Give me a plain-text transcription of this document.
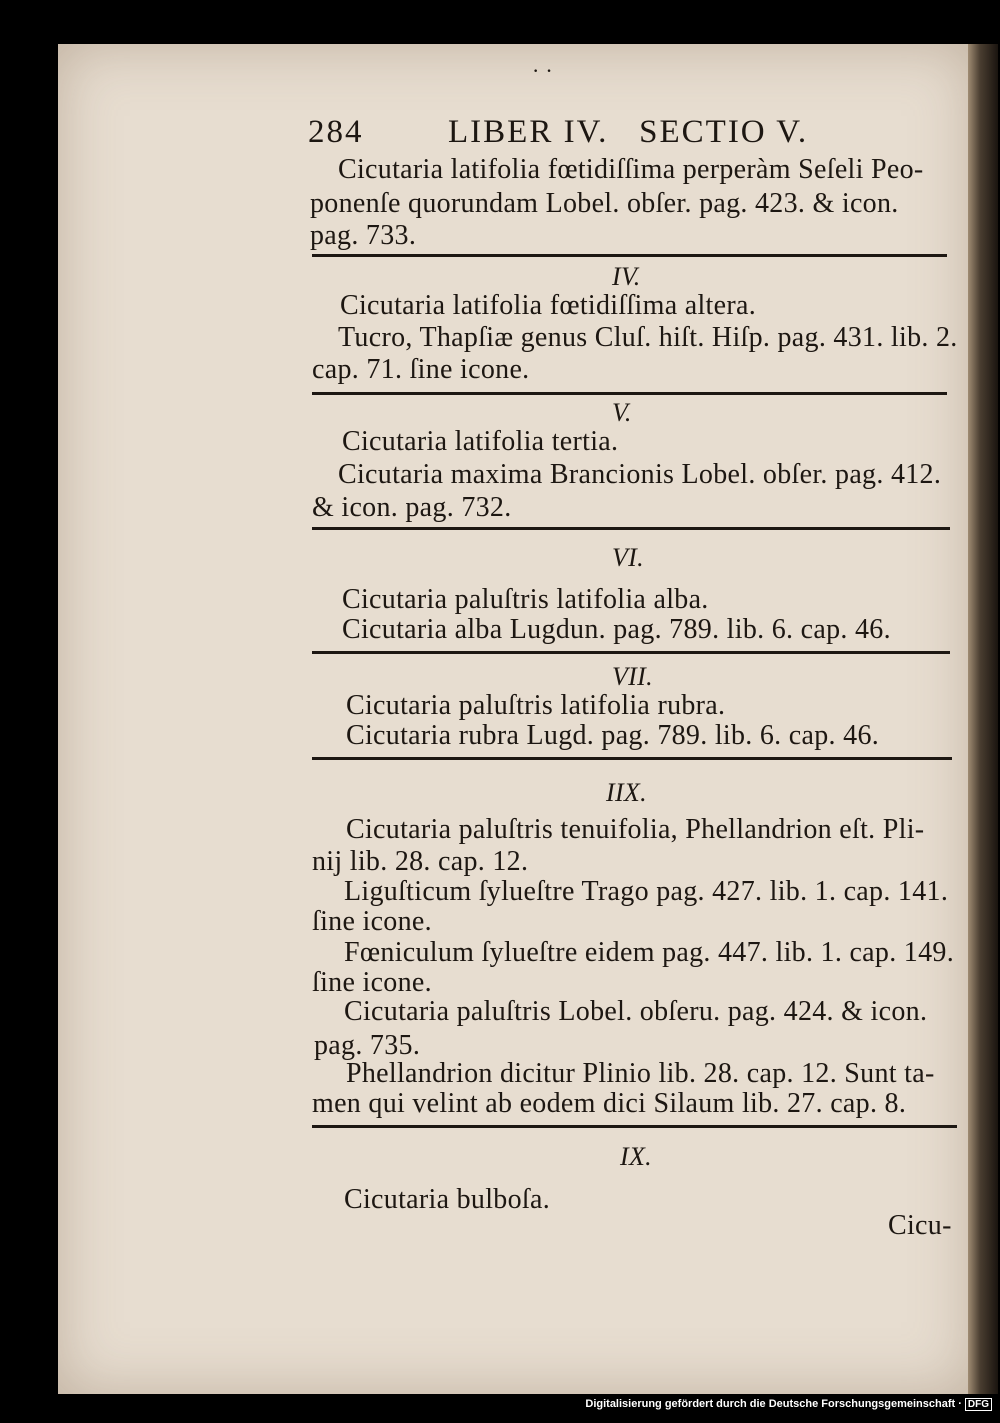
· ·
284	LIBER IV.   SECTIO V.
Cicutaria latifolia fœtidiſſima perperàm Seſeli Peo-
ponenſe quorundam Lobel. obſer. pag. 423. & icon.
pag. 733.
IV.
Cicutaria latifolia fœtidiſſima altera.
Tucro, Thapſiæ genus Cluſ. hiſt. Hiſp. pag. 431. lib. 2.
cap. 71. ſine icone.
V.
Cicutaria latifolia tertia.
Cicutaria maxima Brancionis Lobel. obſer. pag. 412.
& icon. pag. 732.
VI.
Cicutaria paluſtris latifolia alba.
Cicutaria alba Lugdun. pag. 789. lib. 6. cap. 46.
VII.
Cicutaria paluſtris latifolia rubra.
Cicutaria rubra Lugd. pag. 789. lib. 6. cap. 46.
IIX.
Cicutaria paluſtris tenuifolia, Phellandrion eſt. Pli-
nij lib. 28. cap. 12.
Liguſticum ſylueſtre Trago pag. 427. lib. 1. cap. 141.
ſine icone.
Fœniculum ſylueſtre eidem pag. 447. lib. 1. cap. 149.
ſine icone.
Cicutaria paluſtris Lobel. obſeru. pag. 424. & icon.
pag. 735.
Phellandrion dicitur Plinio lib. 28. cap. 12. Sunt ta-
men qui velint ab eodem dici Silaum lib. 27. cap. 8.
IX.
Cicutaria bulboſa.
Cicu-
Digitalisierung gefördert durch die Deutsche Forschungsgemeinschaft · DFG
